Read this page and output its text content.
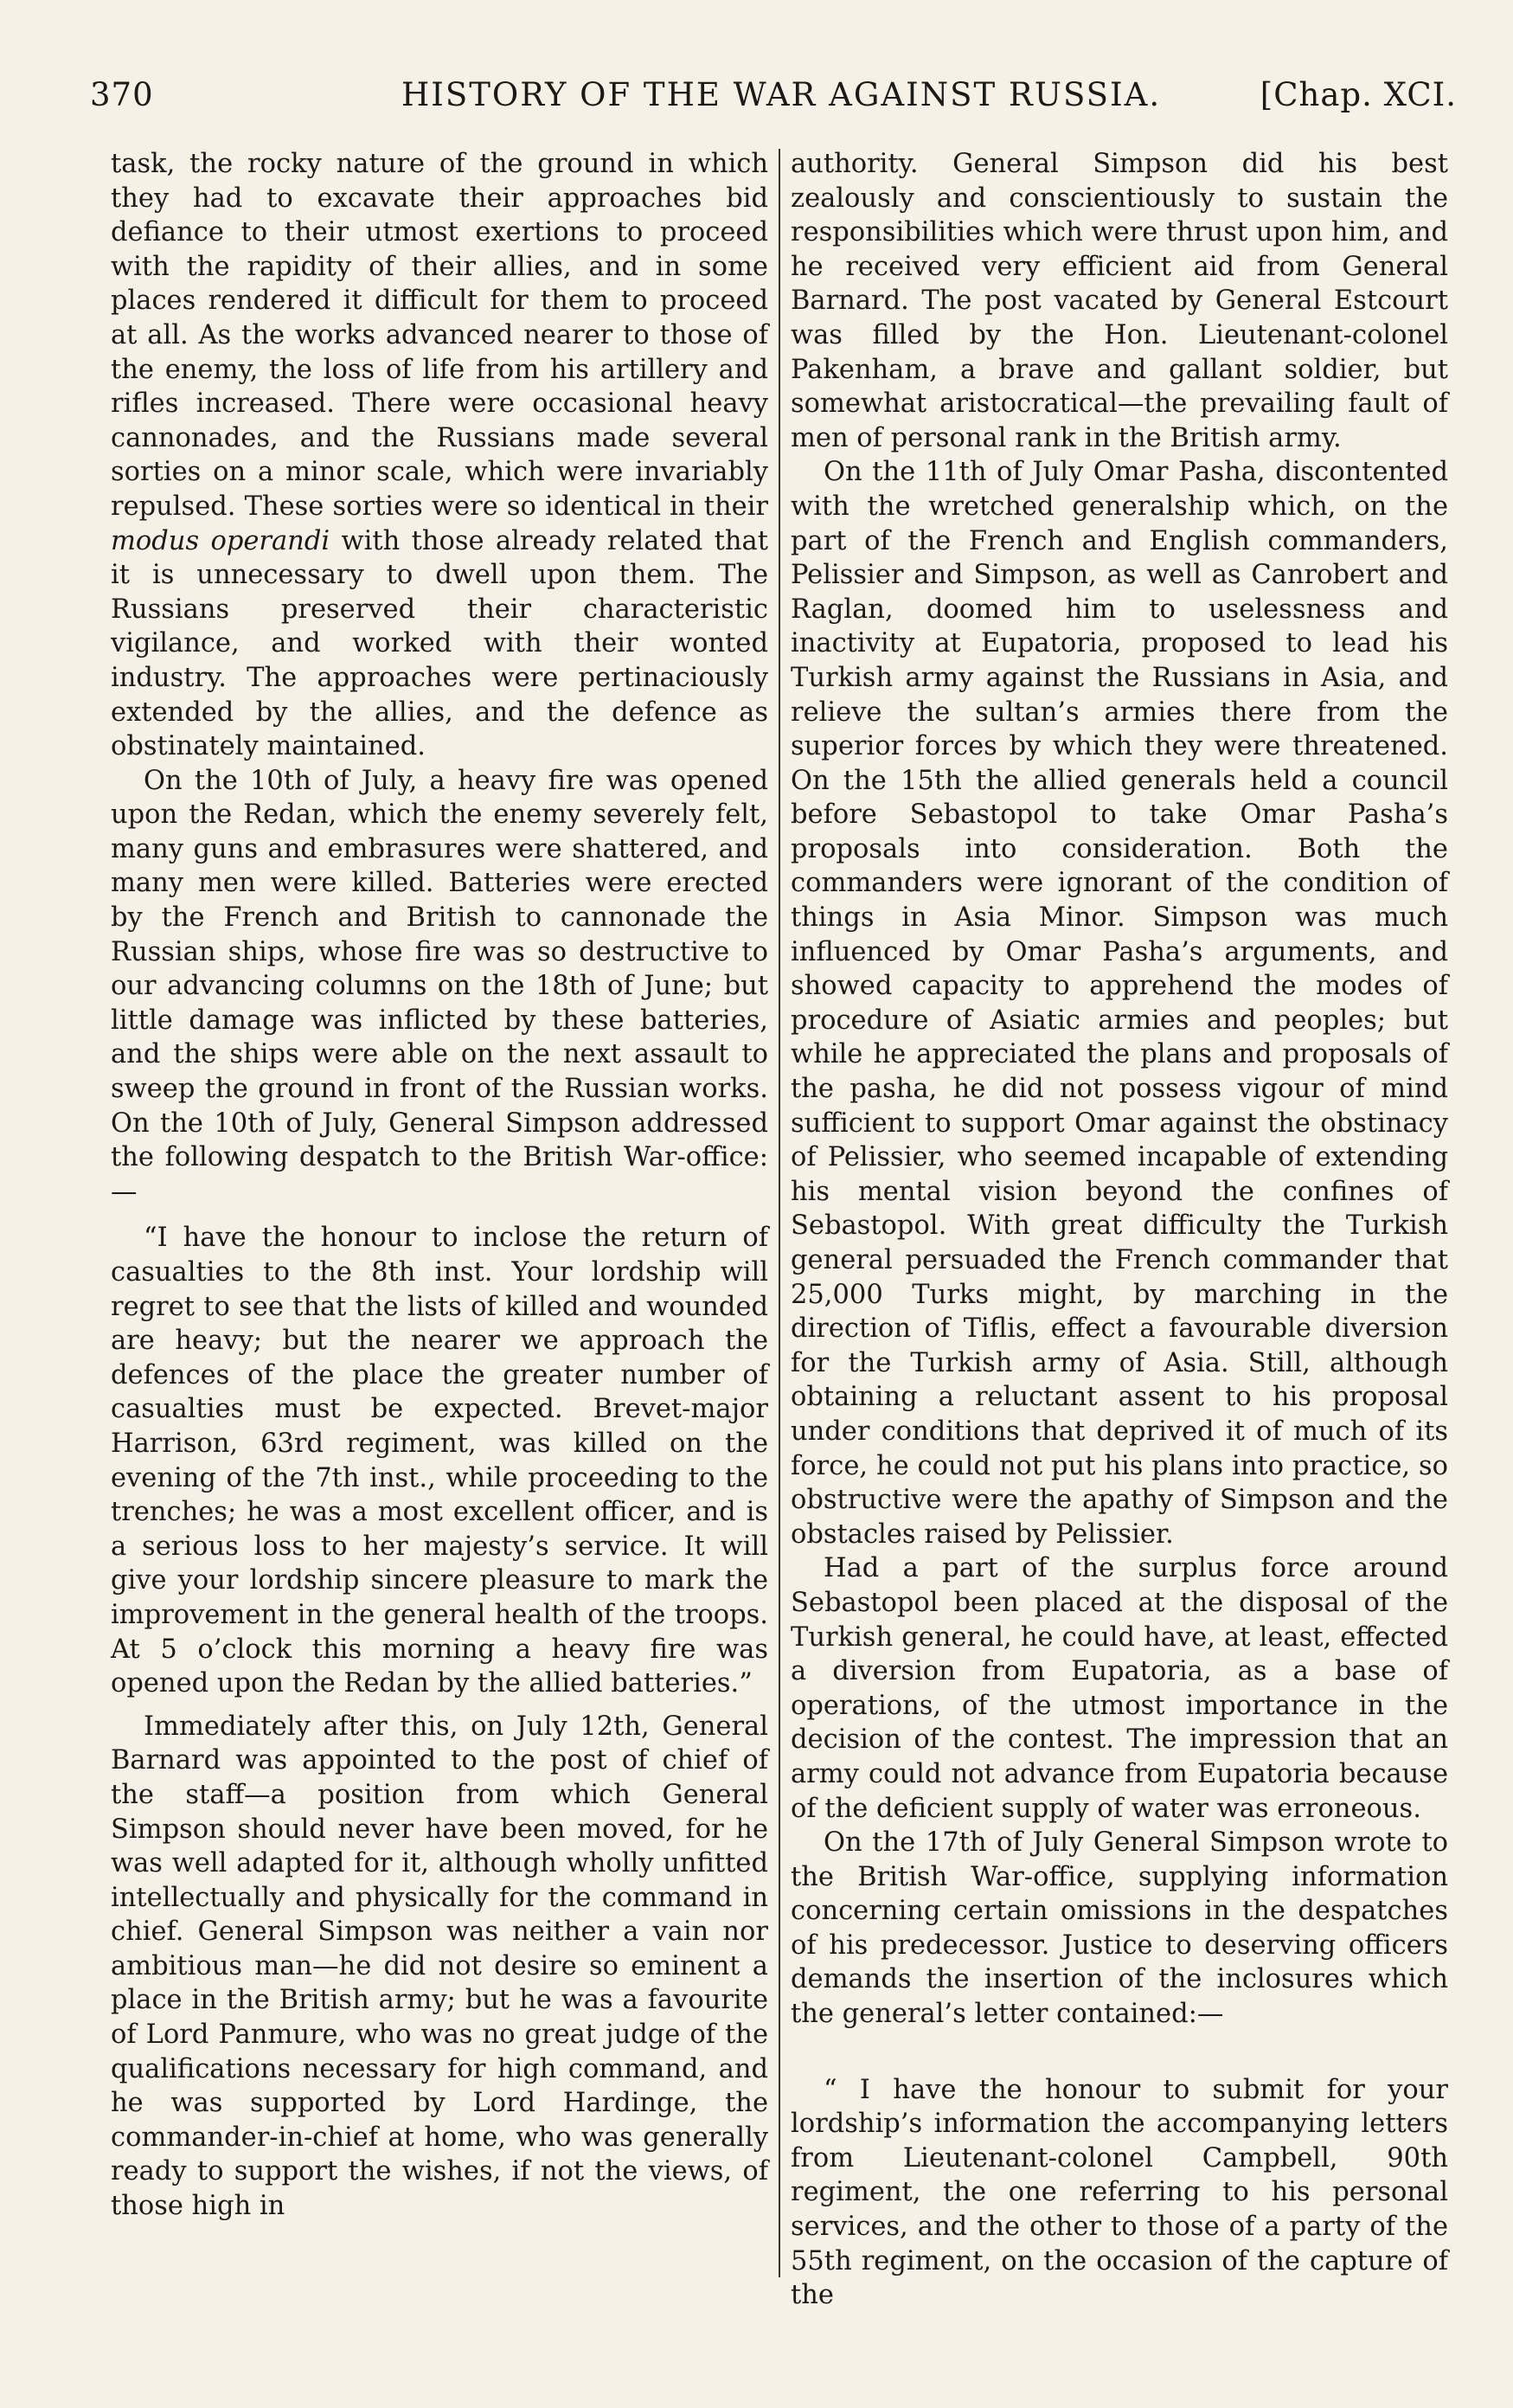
370	HISTORY OF THE WAR AGAINST RUSSIA.	[Chap. XCI.

task, the rocky nature of the ground in which they had to excavate their approaches bid defiance to their utmost exertions to proceed with the rapidity of their allies, and in some places rendered it difficult for them to proceed at all. As the works advanced nearer to those of the enemy, the loss of life from his artillery and rifles increased. There were occasional heavy cannonades, and the Russians made several sorties on a minor scale, which were invariably repulsed. These sorties were so identical in their modus operandi with those already related that it is unnecessary to dwell upon them. The Russians preserved their characteristic vigilance, and worked with their wonted industry. The approaches were pertinaciously extended by the allies, and the defence as obstinately maintained.

On the 10th of July, a heavy fire was opened upon the Redan, which the enemy severely felt, many guns and embrasures were shattered, and many men were killed. Batteries were erected by the French and British to cannonade the Russian ships, whose fire was so destructive to our advancing columns on the 18th of June; but little damage was inflicted by these batteries, and the ships were able on the next assault to sweep the ground in front of the Russian works. On the 10th of July, General Simpson addressed the following despatch to the British War-office:—

“I have the honour to inclose the return of casualties to the 8th inst. Your lordship will regret to see that the lists of killed and wounded are heavy; but the nearer we approach the defences of the place the greater number of casualties must be expected. Brevet-major Harrison, 63rd regiment, was killed on the evening of the 7th inst., while proceeding to the trenches; he was a most excellent officer, and is a serious loss to her majesty’s service. It will give your lordship sincere pleasure to mark the improvement in the general health of the troops. At 5 o’clock this morning a heavy fire was opened upon the Redan by the allied batteries.”

Immediately after this, on July 12th, General Barnard was appointed to the post of chief of the staff—a position from which General Simpson should never have been moved, for he was well adapted for it, although wholly unfitted intellectually and physically for the command in chief. General Simpson was neither a vain nor ambitious man—he did not desire so eminent a place in the British army; but he was a favourite of Lord Panmure, who was no great judge of the qualifications necessary for high command, and he was supported by Lord Hardinge, the commander-in-chief at home, who was generally ready to support the wishes, if not the views, of those high in

authority. General Simpson did his best zealously and conscientiously to sustain the responsibilities which were thrust upon him, and he received very efficient aid from General Barnard. The post vacated by General Estcourt was filled by the Hon. Lieutenant-colonel Pakenham, a brave and gallant soldier, but somewhat aristocratical—the prevailing fault of men of personal rank in the British army.

On the 11th of July Omar Pasha, discontented with the wretched generalship which, on the part of the French and English commanders, Pelissier and Simpson, as well as Canrobert and Raglan, doomed him to uselessness and inactivity at Eupatoria, proposed to lead his Turkish army against the Russians in Asia, and relieve the sultan’s armies there from the superior forces by which they were threatened. On the 15th the allied generals held a council before Sebastopol to take Omar Pasha’s proposals into consideration. Both the commanders were ignorant of the condition of things in Asia Minor. Simpson was much influenced by Omar Pasha’s arguments, and showed capacity to apprehend the modes of procedure of Asiatic armies and peoples; but while he appreciated the plans and proposals of the pasha, he did not possess vigour of mind sufficient to support Omar against the obstinacy of Pelissier, who seemed incapable of extending his mental vision beyond the confines of Sebastopol. With great difficulty the Turkish general persuaded the French commander that 25,000 Turks might, by marching in the direction of Tiflis, effect a favourable diversion for the Turkish army of Asia. Still, although obtaining a reluctant assent to his proposal under conditions that deprived it of much of its force, he could not put his plans into practice, so obstructive were the apathy of Simpson and the obstacles raised by Pelissier.

Had a part of the surplus force around Sebastopol been placed at the disposal of the Turkish general, he could have, at least, effected a diversion from Eupatoria, as a base of operations, of the utmost importance in the decision of the contest. The impression that an army could not advance from Eupatoria because of the deficient supply of water was erroneous.

On the 17th of July General Simpson wrote to the British War-office, supplying information concerning certain omissions in the despatches of his predecessor. Justice to deserving officers demands the insertion of the inclosures which the general’s letter contained:—

“ I have the honour to submit for your lordship’s information the accompanying letters from Lieutenant-colonel Campbell, 90th regiment, the one referring to his personal services, and the other to those of a party of the 55th regiment, on the occasion of the capture of the
